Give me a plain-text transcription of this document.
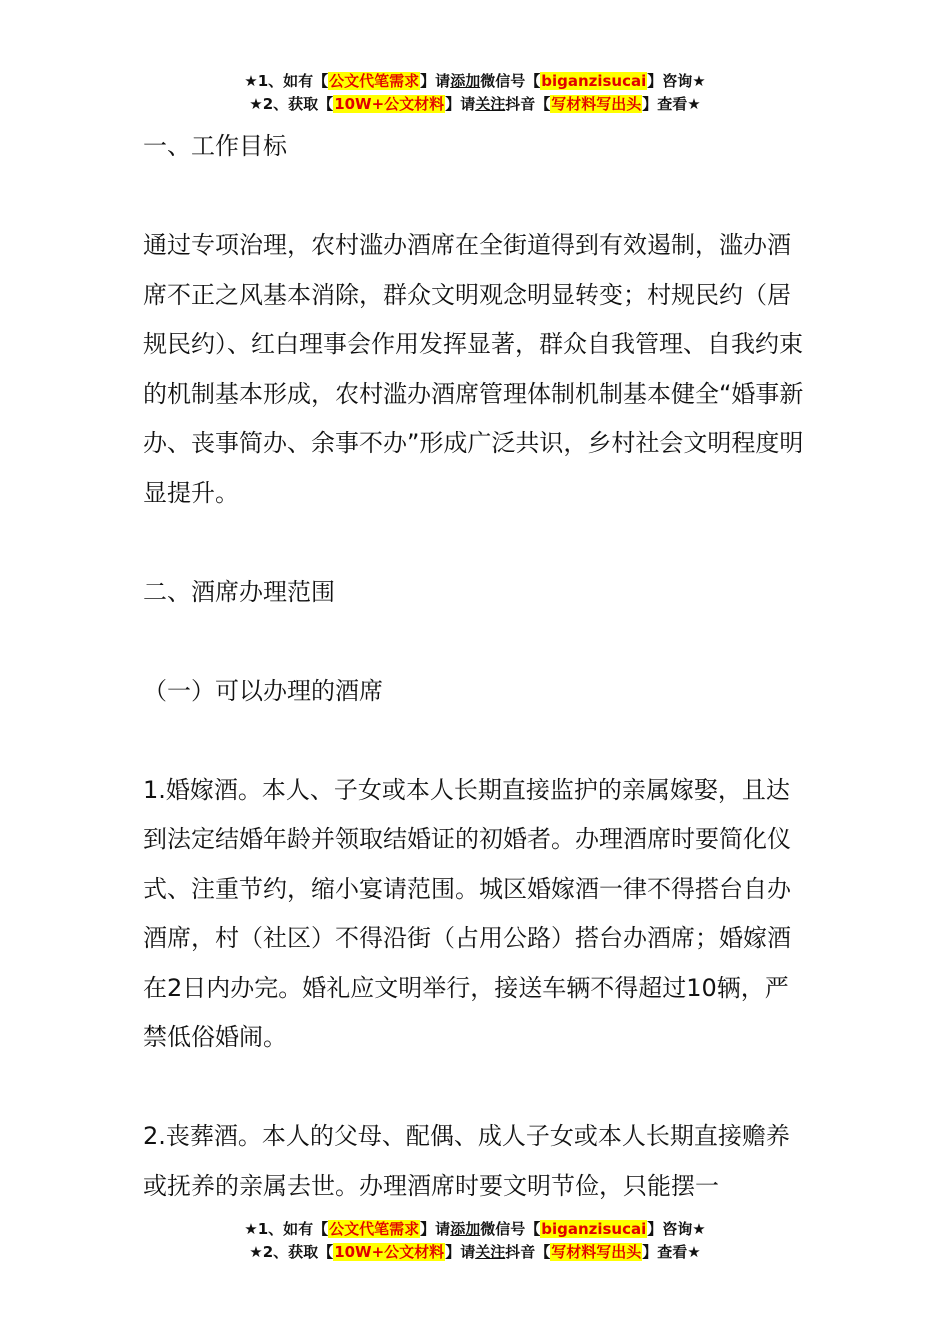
★1、如有【公文代笔需求】请添加微信号【biganzisucai】咨询★
★2、获取【10W+公文材料】请关注抖音【写材料写出头】查看★

一、工作目标

通过专项治理，农村滥办酒席在全街道得到有效遏制，滥办酒席不正之风基本消除，群众文明观念明显转变；村规民约（居规民约）、红白理事会作用发挥显著，群众自我管理、自我约束的机制基本形成，农村滥办酒席管理体制机制基本健全“婚事新办、丧事简办、余事不办”形成广泛共识，乡村社会文明程度明显提升。

二、酒席办理范围

（一）可以办理的酒席

1.婚嫁酒。本人、子女或本人长期直接监护的亲属嫁娶，且达到法定结婚年龄并领取结婚证的初婚者。办理酒席时要简化仪式、注重节约，缩小宴请范围。城区婚嫁酒一律不得搭台自办酒席，村（社区）不得沿街（占用公路）搭台办酒席；婚嫁酒在2日内办完。婚礼应文明举行，接送车辆不得超过10辆，严禁低俗婚闹。

2.丧葬酒。本人的父母、配偶、成人子女或本人长期直接赡养或抚养的亲属去世。办理酒席时要文明节俭，只能摆一

★1、如有【公文代笔需求】请添加微信号【biganzisucai】咨询★
★2、获取【10W+公文材料】请关注抖音【写材料写出头】查看★
